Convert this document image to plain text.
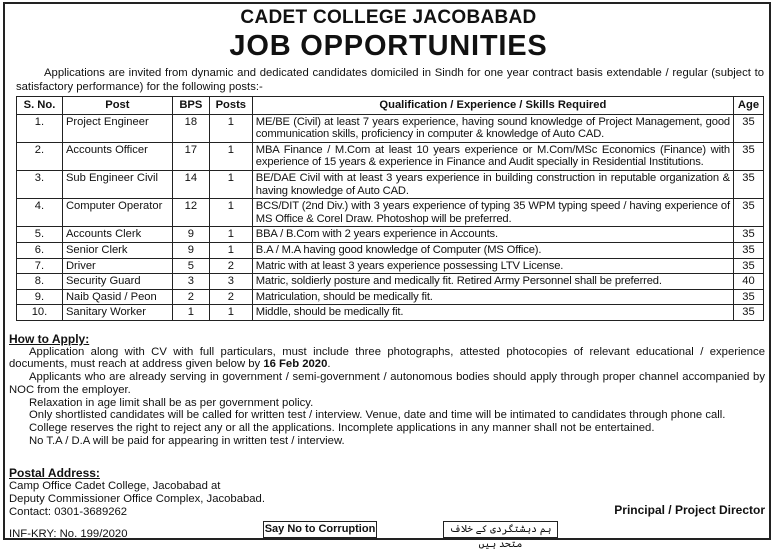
CADET COLLEGE JACOBABAD
JOB OPPORTUNITIES
Applications are invited from dynamic and dedicated candidates domiciled in Sindh for one year contract basis extendable / regular (subject to satisfactory performance) for the following posts:-
S. No.	Post	BPS	Posts	Qualification / Experience / Skills Required	Age
1.	Project Engineer	18	1	ME/BE (Civil) at least 7 years experience, having sound knowledge of Project Management, good communication skills, proficiency in computer & knowledge of Auto CAD.	35
2.	Accounts Officer	17	1	MBA Finance / M.Com at least 10 years experience or M.Com/MSc Economics (Finance) with experience of 15 years & experience in Finance and Audit specially in Residential Institutions.	35
3.	Sub Engineer Civil	14	1	BE/DAE Civil with at least 3 years experience in building construction in reputable organization & having knowledge of Auto CAD.	35
4.	Computer Operator	12	1	BCS/DIT (2nd Div.) with 3 years experience of typing 35 WPM typing speed / having experience of MS Office & Corel Draw. Photoshop will be preferred.	35
5.	Accounts Clerk	9	1	BBA / B.Com with 2 years experience in Accounts.	35
6.	Senior Clerk	9	1	B.A / M.A having good knowledge of Computer (MS Office).	35
7.	Driver	5	2	Matric with at least 3 years experience possessing LTV License.	35
8.	Security Guard	3	3	Matric, soldierly posture and medically fit. Retired Army Personnel shall be preferred.	40
9.	Naib Qasid / Peon	2	2	Matriculation, should be medically fit.	35
10.	Sanitary Worker	1	1	Middle, should be medically fit.	35
How to Apply:
Application along with CV with full particulars, must include three photographs, attested photocopies of relevant educational / experience documents, must reach at address given below by 16 Feb 2020.
Applicants who are already serving in government / semi-government / autonomous bodies should apply through proper channel accompanied by NOC from the employer.
Relaxation in age limit shall be as per government policy.
Only shortlisted candidates will be called for written test / interview. Venue, date and time will be intimated to candidates through phone call.
College reserves the right to reject any or all the applications. Incomplete applications in any manner shall not be entertained.
No T.A / D.A will be paid for appearing in written test / interview.
Postal Address:
Camp Office Cadet College, Jacobabad at
Deputy Commissioner Office Complex, Jacobabad.
Contact: 0301-3689262	Principal / Project Director
INF-KRY: No. 199/2020	Say No to Corruption	ہم دہشتگردی کے خلاف متحد ہیں
